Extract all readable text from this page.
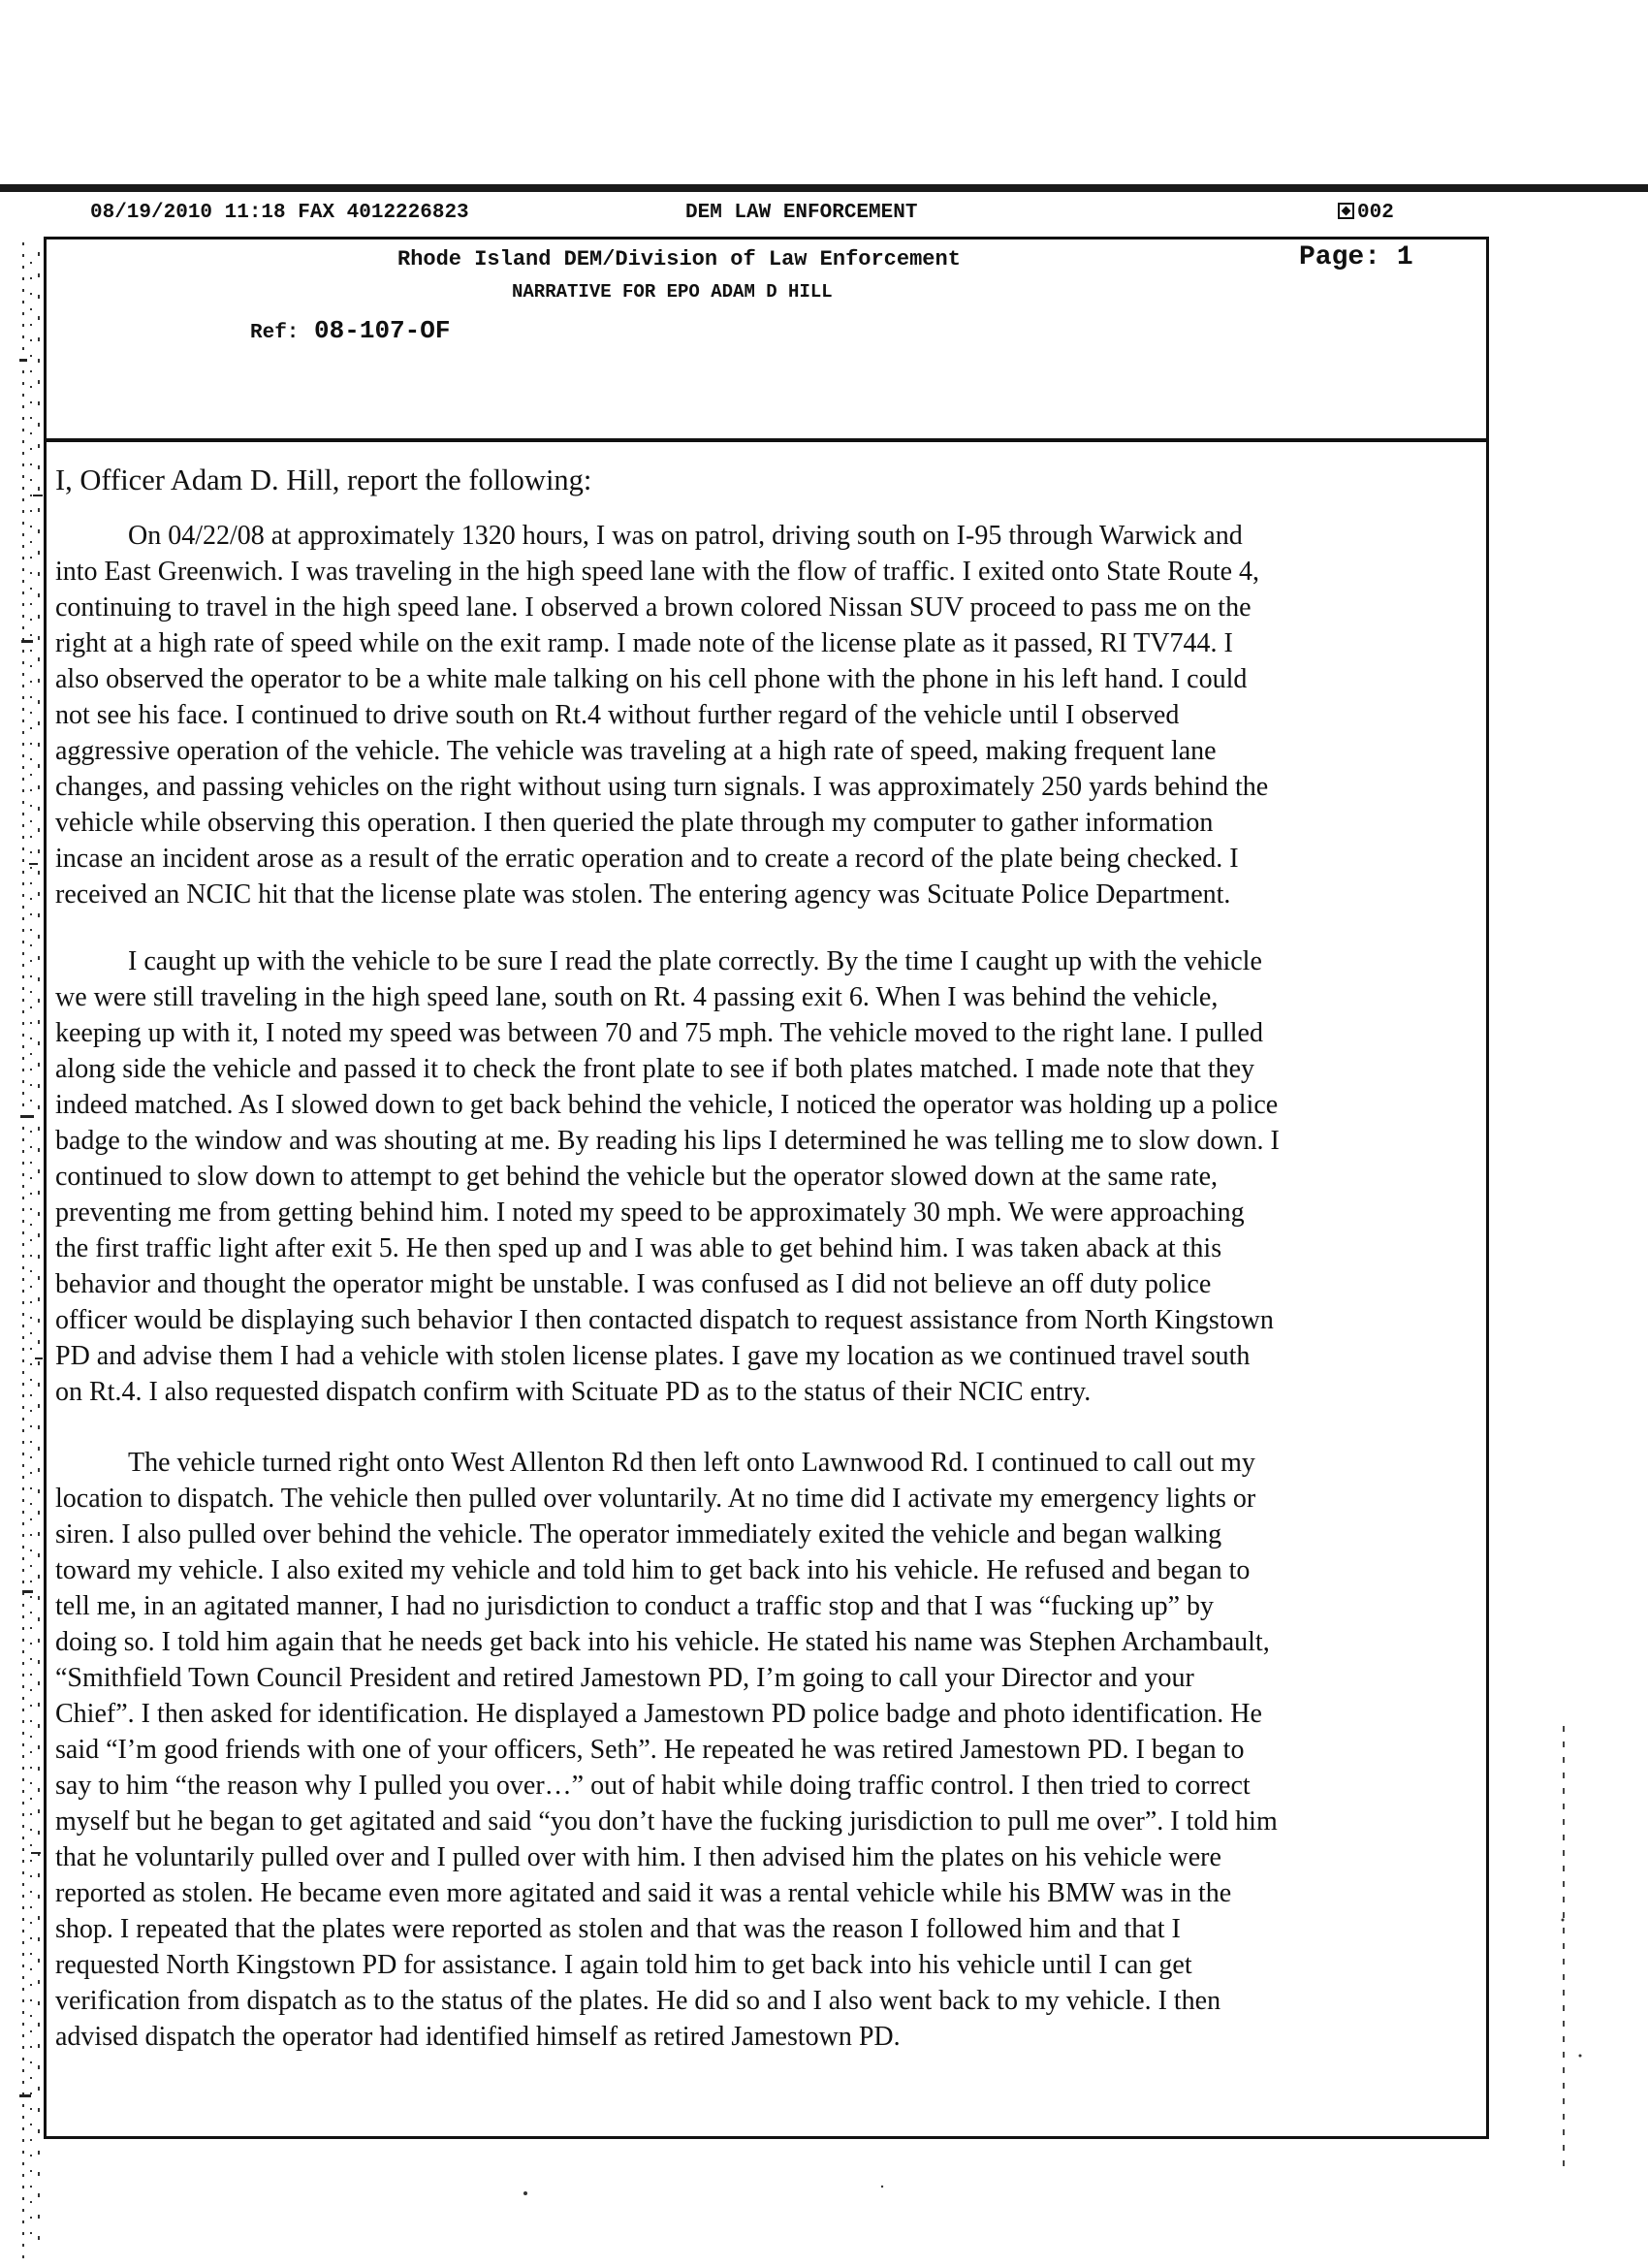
08/19/2010 11:18 FAX 4012226823	DEM LAW ENFORCEMENT	002
Rhode Island DEM/Division of Law Enforcement
NARRATIVE FOR EPO ADAM D HILL
Page: 1
Ref: 08-107-OF
I, Officer Adam D. Hill, report the following:
On 04/22/08 at approximately 1320 hours, I was on patrol, driving south on I-95 through Warwick and
into East Greenwich. I was traveling in the high speed lane with the flow of traffic. I exited onto State Route 4,
continuing to travel in the high speed lane. I observed a brown colored Nissan SUV proceed to pass me on the
right at a high rate of speed while on the exit ramp. I made note of the license plate as it passed, RI TV744. I
also observed the operator to be a white male talking on his cell phone with the phone in his left hand. I could
not see his face. I continued to drive south on Rt.4 without further regard of the vehicle until I observed
aggressive operation of the vehicle. The vehicle was traveling at a high rate of speed, making frequent lane
changes, and passing vehicles on the right without using turn signals. I was approximately 250 yards behind the
vehicle while observing this operation. I then queried the plate through my computer to gather information
incase an incident arose as a result of the erratic operation and to create a record of the plate being checked. I
received an NCIC hit that the license plate was stolen. The entering agency was Scituate Police Department.
I caught up with the vehicle to be sure I read the plate correctly. By the time I caught up with the vehicle
we were still traveling in the high speed lane, south on Rt. 4 passing exit 6. When I was behind the vehicle,
keeping up with it, I noted my speed was between 70 and 75 mph. The vehicle moved to the right lane. I pulled
along side the vehicle and passed it to check the front plate to see if both plates matched. I made note that they
indeed matched. As I slowed down to get back behind the vehicle, I noticed the operator was holding up a police
badge to the window and was shouting at me. By reading his lips I determined he was telling me to slow down. I
continued to slow down to attempt to get behind the vehicle but the operator slowed down at the same rate,
preventing me from getting behind him. I noted my speed to be approximately 30 mph. We were approaching
the first traffic light after exit 5. He then sped up and I was able to get behind him. I was taken aback at this
behavior and thought the operator might be unstable. I was confused as I did not believe an off duty police
officer would be displaying such behavior I then contacted dispatch to request assistance from North Kingstown
PD and advise them I had a vehicle with stolen license plates. I gave my location as we continued travel south
on Rt.4. I also requested dispatch confirm with Scituate PD as to the status of their NCIC entry.
The vehicle turned right onto West Allenton Rd then left onto Lawnwood Rd. I continued to call out my
location to dispatch. The vehicle then pulled over voluntarily. At no time did I activate my emergency lights or
siren. I also pulled over behind the vehicle. The operator immediately exited the vehicle and began walking
toward my vehicle. I also exited my vehicle and told him to get back into his vehicle. He refused and began to
tell me, in an agitated manner, I had no jurisdiction to conduct a traffic stop and that I was “fucking up” by
doing so. I told him again that he needs get back into his vehicle. He stated his name was Stephen Archambault,
“Smithfield Town Council President and retired Jamestown PD, I’m going to call your Director and your
Chief”. I then asked for identification. He displayed a Jamestown PD police badge and photo identification. He
said “I’m good friends with one of your officers, Seth”. He repeated he was retired Jamestown PD. I began to
say to him “the reason why I pulled you over…” out of habit while doing traffic control. I then tried to correct
myself but he began to get agitated and said “you don’t have the fucking jurisdiction to pull me over”. I told him
that he voluntarily pulled over and I pulled over with him. I then advised him the plates on his vehicle were
reported as stolen. He became even more agitated and said it was a rental vehicle while his BMW was in the
shop. I repeated that the plates were reported as stolen and that was the reason I followed him and that I
requested North Kingstown PD for assistance. I again told him to get back into his vehicle until I can get
verification from dispatch as to the status of the plates. He did so and I also went back to my vehicle. I then
advised dispatch the operator had identified himself as retired Jamestown PD.
